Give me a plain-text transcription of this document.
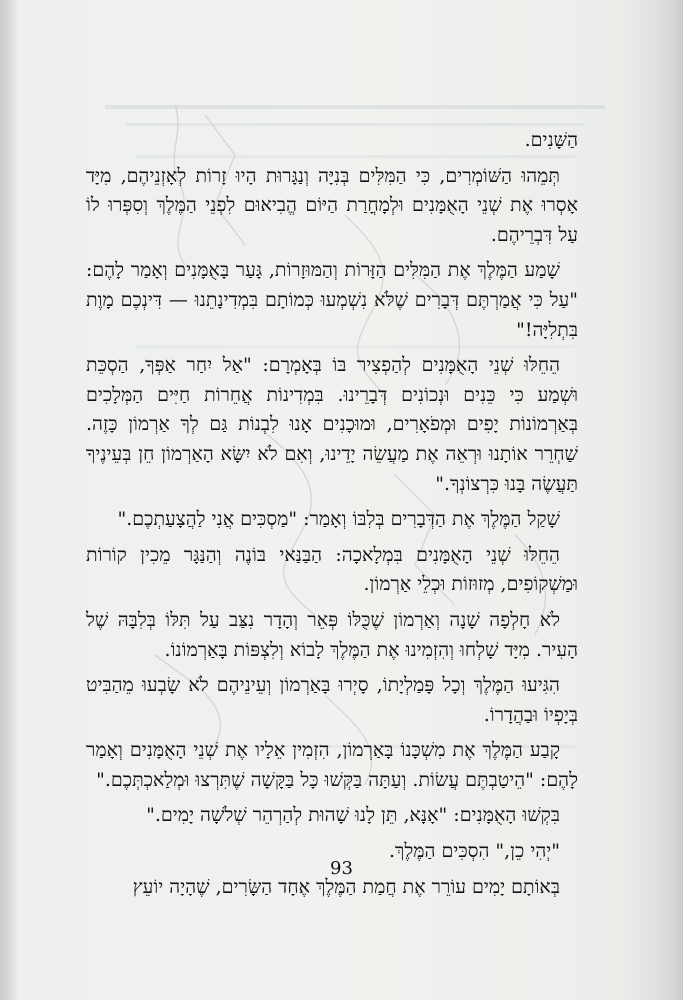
הַשָּׁנִים.

תְּמֵהוּ הַשּׁוֹמְרִים, כִּי הַמִּלִּים בְּנִיָּה וְנַגָּרוּת הָיוּ זָרוֹת לְאָזְנֵיהֶם, מִיָּד אָסְרוּ אֶת שְׁנֵי הָאֻמָּנִים וּלְמָחֳרַת הַיּוֹם הֱבִיאוּם לִפְנֵי הַמֶּלֶךְ וְסִפְּרוּ לוֹ עַל דִּבְרֵיהֶם.

שָׁמַע הַמֶּלֶךְ אֶת הַמִּלִּים הַזָּרוֹת וְהַמּוּזָרוֹת, גָּעַר בָּאֻמָּנִים וְאָמַר לָהֶם: "עַל כִּי אֲמַרְתֶּם דְּבָרִים שֶׁלֹּא נִשְׁמְעוּ כְּמוֹתָם בִּמְדִינָתֵנוּ — דִּינְכֶם מָוֶת בִּתְלִיָּה!"

הֵחֵלּוּ שְׁנֵי הָאֻמָּנִים לְהַפְצִיר בּוֹ בְּאָמְרָם: "אַל יִחַר אַפְּךָ, הַסְכֵּת וּשְׁמַע כִּי כֵּנִים וּנְכוֹנִים דְּבָרֵינוּ. בִּמְדִינוֹת אֲחֵרוֹת חַיִּים הַמְּלָכִים בְּאַרְמוֹנוֹת יָפִים וּמְפֹאָרִים, וּמוּכָנִים אָנוּ לִבְנוֹת גַּם לְךָ אַרְמוֹן כָּזֶה. שַׁחְרֵר אוֹתָנוּ וּרְאֵה אֶת מַעֲשֵׂה יָדֵינוּ, וְאִם לֹא יִשָּׂא הָאַרְמוֹן חֵן בְּעֵינֶיךָ תַּעֲשֶׂה בָּנוּ כִּרְצוֹנְךָ."

שָׁקַל הַמֶּלֶךְ אֶת הַדְּבָרִים בְּלִבּוֹ וְאָמַר: "מַסְכִּים אֲנִי לַהֲצָעַתְכֶם."

הֵחֵלּוּ שְׁנֵי הָאֻמָּנִים בִּמְלָאכָה: הַבַּנַּאי בּוֹנֶה וְהַנַּגָּר מֵכִין קוֹרוֹת וּמַשְׁקוֹפִים, מְזוּזוֹת וּכְלֵי אַרְמוֹן.

לֹא חָלְפָה שָׁנָה וְאַרְמוֹן שֶׁכֻּלּוֹ פְּאֵר וְהָדָר נִצַּב עַל תִּלּוֹ בְּלִבָּהּ שֶׁל הָעִיר. מִיָּד שָׁלְחוּ וְהִזְמִינוּ אֶת הַמֶּלֶךְ לָבוֹא וְלִצְפּוֹת בָּאַרְמוֹנוֹ.

הִגִּיעוּ הַמֶּלֶךְ וְכָל פָּמַלְיָתוֹ, סָיְרוּ בָּאַרְמוֹן וְעֵינֵיהֶם לֹא שָׂבְעוּ מֵהַבִּיט בְּיָפְיוֹ וּבַהֲדָרוֹ.

קָבַע הַמֶּלֶךְ אֶת מִשְׁכָּנוֹ בָּאַרְמוֹן, הִזְמִין אֵלָיו אֶת שְׁנֵי הָאֻמָּנִים וְאָמַר לָהֶם: "הֵיטַבְתֶּם עֲשׂוֹת. וְעַתָּה בַּקְּשׁוּ כָּל בַּקָּשָׁה שֶׁתִּרְצוּ וּמְלַאכְתְּכֶם."

בִּקְשׁוּ הָאֻמָּנִים: "אָנָּא, תֵּן לָנוּ שָׁהוּת לְהַרְהֵר שְׁלֹשָׁה יָמִים."

"יְהִי כֵן," הִסְכִּים הַמֶּלֶךְ.

בְּאוֹתָם יָמִים עוֹרֵר אֶת חֲמַת הַמֶּלֶךְ אֶחָד הַשָּׂרִים, שֶׁהָיָה יוֹעֵץ

93
